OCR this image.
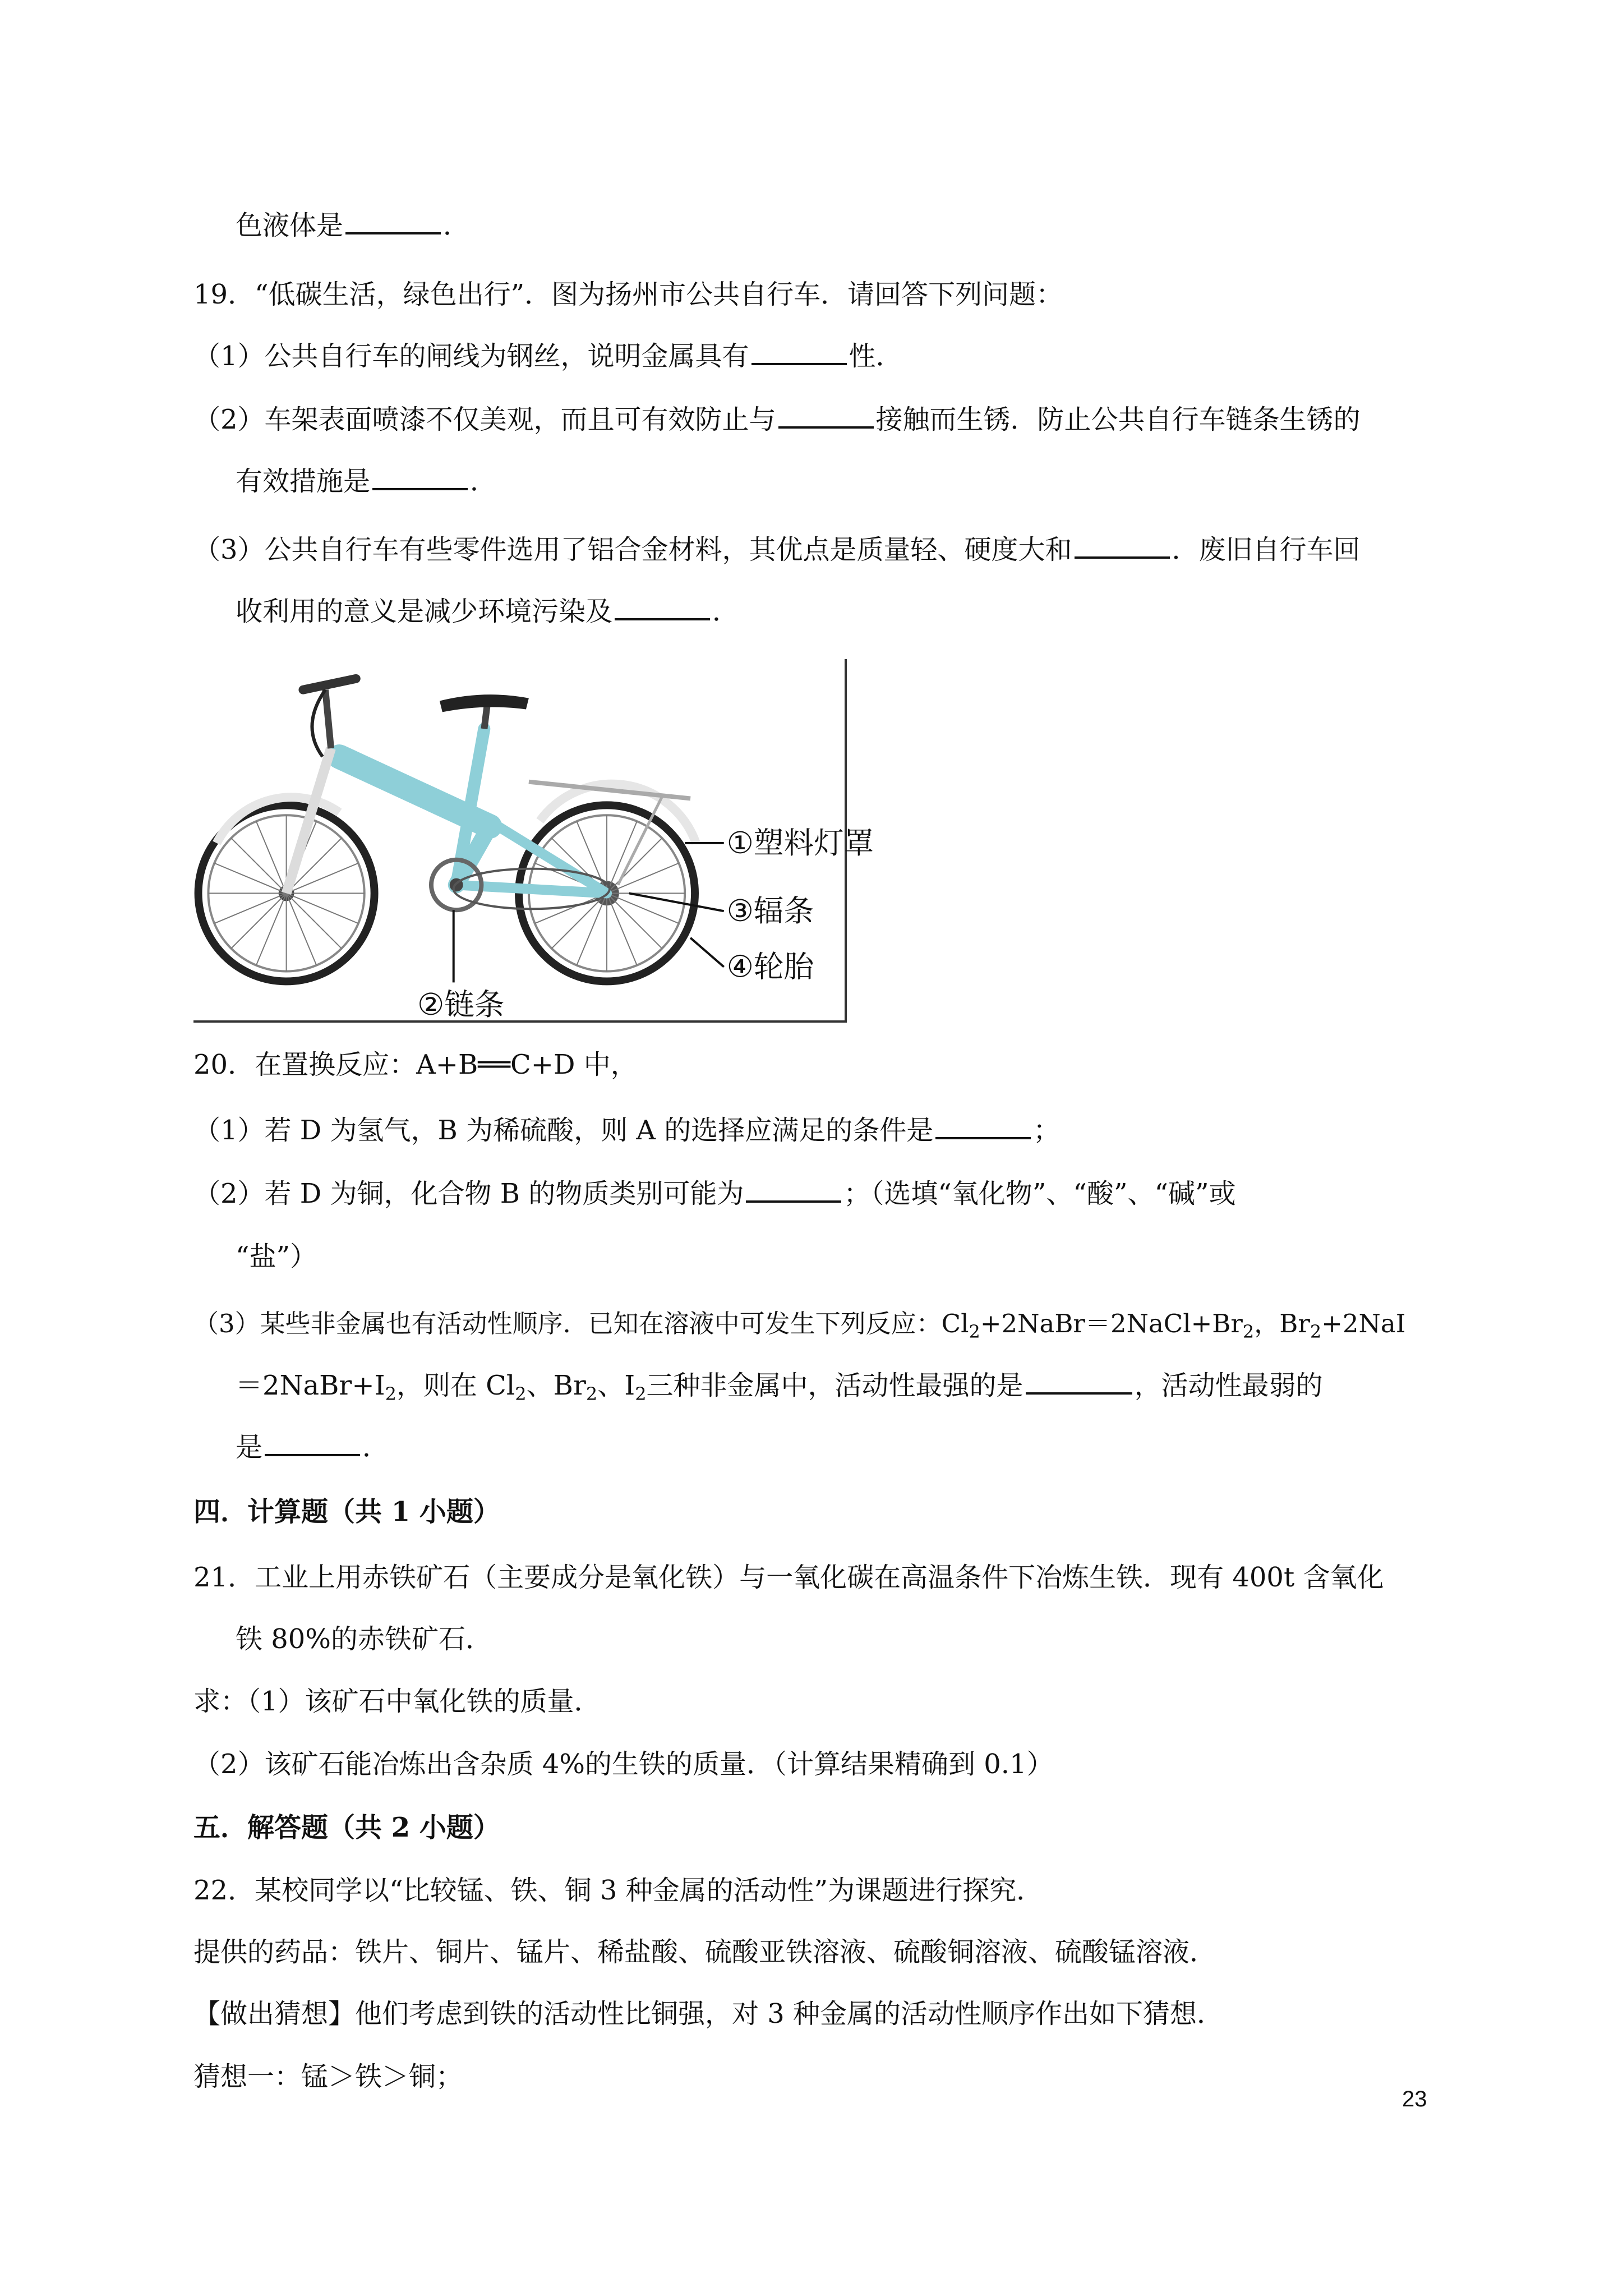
色液体是	．

19．“低碳生活，绿色出行”．图为扬州市公共自行车．请回答下列问题：

（1）公共自行车的闸线为钢丝，说明金属具有	性．

（2）车架表面喷漆不仅美观，而且可有效防止与	接触而生锈．防止公共自行车链条生锈的

有效措施是	．

（3）公共自行车有些零件选用了铝合金材料，其优点是质量轻、硬度大和	．废旧自行车回

收利用的意义是减少环境污染及	．

①塑料灯罩
③辐条
④轮胎
②链条

20．在置换反应：A+B══C+D 中，

（1）若 D 为氢气，B 为稀硫酸，则 A 的选择应满足的条件是	；

（2）若 D 为铜，化合物 B 的物质类别可能为	；（选填“氧化物”、“酸”、“碱”或

“盐”）

（3）某些非金属也有活动性顺序．已知在溶液中可发生下列反应：$Cl_2+2NaBr=2NaCl+Br_2$，$Br_2+2NaI$

$=2NaBr+I_2$，则在 $Cl_2$、$Br_2$、$I_2$三种非金属中，活动性最强的是	，活动性最弱的

是	．

四．计算题（共 1 小题）

21．工业上用赤铁矿石（主要成分是氧化铁）与一氧化碳在高温条件下冶炼生铁．现有 400t 含氧化

铁 80%的赤铁矿石．

求：（1）该矿石中氧化铁的质量．

（2）该矿石能冶炼出含杂质 4%的生铁的质量．（计算结果精确到 0.1）

五．解答题（共 2 小题）

22．某校同学以“比较锰、铁、铜 3 种金属的活动性”为课题进行探究．

提供的药品：铁片、铜片、锰片、稀盐酸、硫酸亚铁溶液、硫酸铜溶液、硫酸锰溶液．

【做出猜想】他们考虑到铁的活动性比铜强，对 3 种金属的活动性顺序作出如下猜想．

猜想一：锰＞铁＞铜；

23
